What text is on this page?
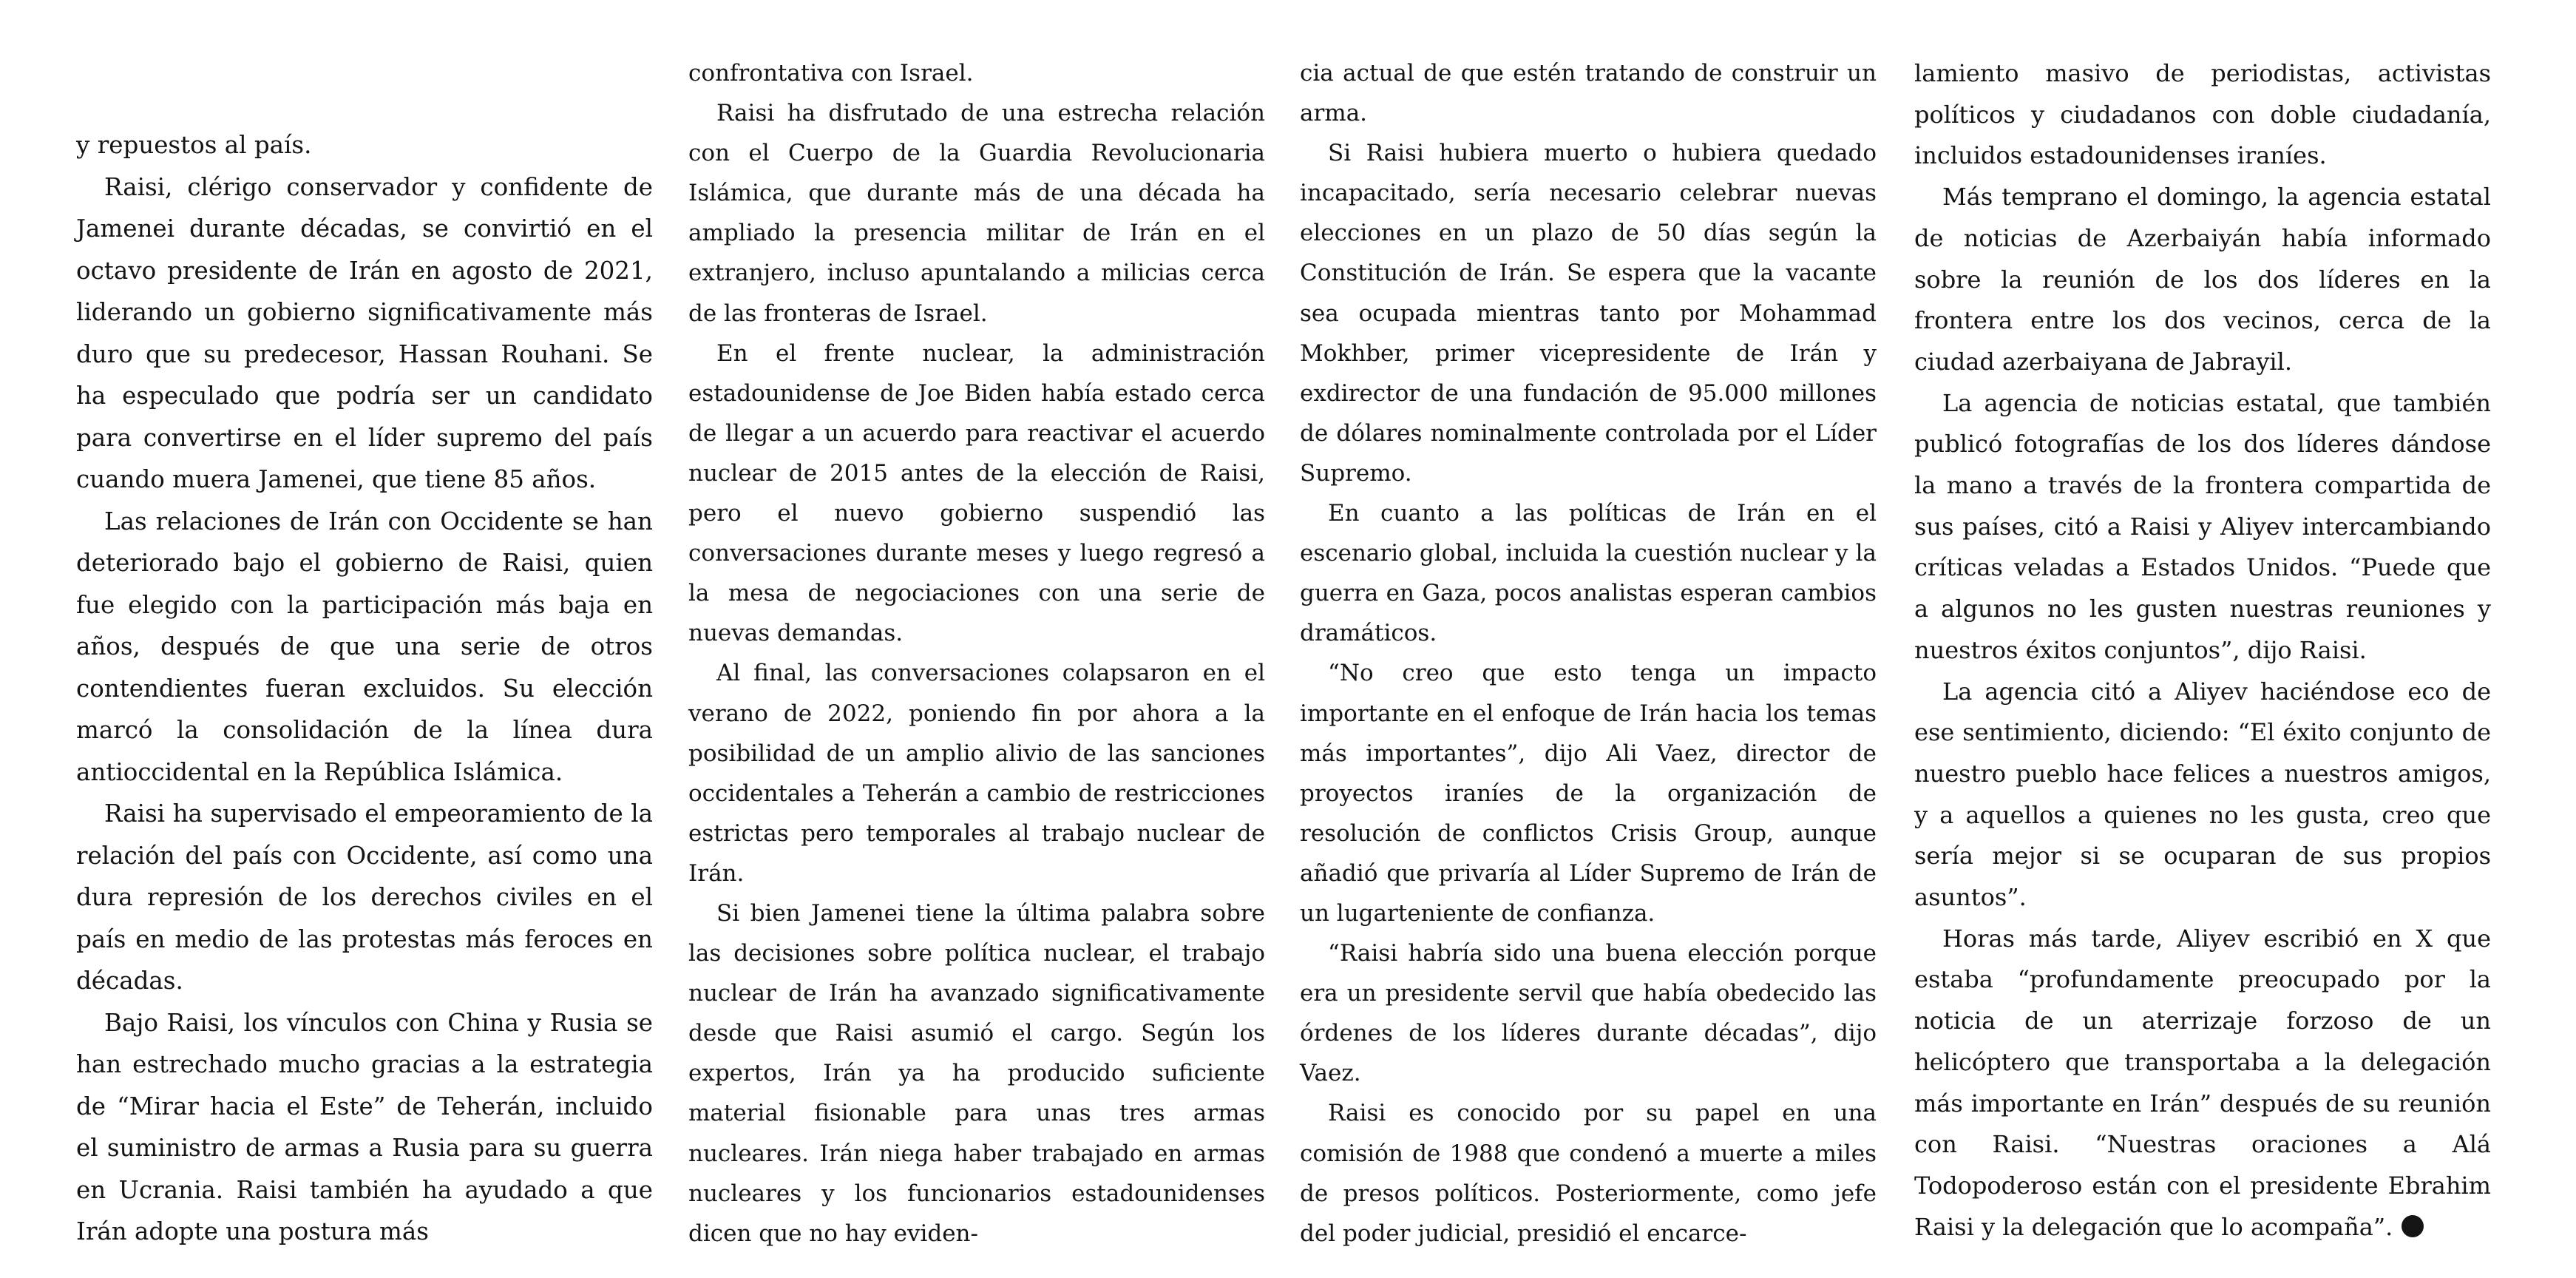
y repuestos al país.

Raisi, clérigo conservador y confidente de Jamenei durante décadas, se convirtió en el octavo presidente de Irán en agosto de 2021, liderando un gobierno significativamente más duro que su predecesor, Hassan Rouhani. Se ha especulado que podría ser un candidato para convertirse en el líder supremo del país cuando muera Jamenei, que tiene 85 años.

Las relaciones de Irán con Occidente se han deteriorado bajo el gobierno de Raisi, quien fue elegido con la participación más baja en años, después de que una serie de otros contendientes fueran excluidos. Su elección marcó la consolidación de la línea dura antioccidental en la República Islámica.

Raisi ha supervisado el empeoramiento de la relación del país con Occidente, así como una dura represión de los derechos civiles en el país en medio de las protestas más feroces en décadas.

Bajo Raisi, los vínculos con China y Rusia se han estrechado mucho gracias a la estrategia de “Mirar hacia el Este” de Teherán, incluido el suministro de armas a Rusia para su guerra en Ucrania. Raisi también ha ayudado a que Irán adopte una postura más

confrontativa con Israel.

Raisi ha disfrutado de una estrecha relación con el Cuerpo de la Guardia Revolucionaria Islámica, que durante más de una década ha ampliado la presencia militar de Irán en el extranjero, incluso apuntalando a milicias cerca de las fronteras de Israel.

En el frente nuclear, la administración estadounidense de Joe Biden había estado cerca de llegar a un acuerdo para reactivar el acuerdo nuclear de 2015 antes de la elección de Raisi, pero el nuevo gobierno suspendió las conversaciones durante meses y luego regresó a la mesa de negociaciones con una serie de nuevas demandas.

Al final, las conversaciones colapsaron en el verano de 2022, poniendo fin por ahora a la posibilidad de un amplio alivio de las sanciones occidentales a Teherán a cambio de restricciones estrictas pero temporales al trabajo nuclear de Irán.

Si bien Jamenei tiene la última palabra sobre las decisiones sobre política nuclear, el trabajo nuclear de Irán ha avanzado significativamente desde que Raisi asumió el cargo. Según los expertos, Irán ya ha producido suficiente material fisionable para unas tres armas nucleares. Irán niega haber trabajado en armas nucleares y los funcionarios estadounidenses dicen que no hay eviden-

cia actual de que estén tratando de construir un arma.

Si Raisi hubiera muerto o hubiera quedado incapacitado, sería necesario celebrar nuevas elecciones en un plazo de 50 días según la Constitución de Irán. Se espera que la vacante sea ocupada mientras tanto por Mohammad Mokhber, primer vicepresidente de Irán y exdirector de una fundación de 95.000 millones de dólares nominalmente controlada por el Líder Supremo.

En cuanto a las políticas de Irán en el escenario global, incluida la cuestión nuclear y la guerra en Gaza, pocos analistas esperan cambios dramáticos.

“No creo que esto tenga un impacto importante en el enfoque de Irán hacia los temas más importantes”, dijo Ali Vaez, director de proyectos iraníes de la organización de resolución de conflictos Crisis Group, aunque añadió que privaría al Líder Supremo de Irán de un lugarteniente de confianza.

“Raisi habría sido una buena elección porque era un presidente servil que había obedecido las órdenes de los líderes durante décadas”, dijo Vaez.

Raisi es conocido por su papel en una comisión de 1988 que condenó a muerte a miles de presos políticos. Posteriormente, como jefe del poder judicial, presidió el encarce-

lamiento masivo de periodistas, activistas políticos y ciudadanos con doble ciudadanía, incluidos estadounidenses iraníes.

Más temprano el domingo, la agencia estatal de noticias de Azerbaiyán había informado sobre la reunión de los dos líderes en la frontera entre los dos vecinos, cerca de la ciudad azerbaiyana de Jabrayil.

La agencia de noticias estatal, que también publicó fotografías de los dos líderes dándose la mano a través de la frontera compartida de sus países, citó a Raisi y Aliyev intercambiando críticas veladas a Estados Unidos. “Puede que a algunos no les gusten nuestras reuniones y nuestros éxitos conjuntos”, dijo Raisi.

La agencia citó a Aliyev haciéndose eco de ese sentimiento, diciendo: “El éxito conjunto de nuestro pueblo hace felices a nuestros amigos, y a aquellos a quienes no les gusta, creo que sería mejor si se ocuparan de sus propios asuntos”.

Horas más tarde, Aliyev escribió en X que estaba “profundamente preocupado por la noticia de un aterrizaje forzoso de un helicóptero que transportaba a la delegación más importante en Irán” después de su reunión con Raisi. “Nuestras oraciones a Alá Todopoderoso están con el presidente Ebrahim Raisi y la delegación que lo acompaña”.
